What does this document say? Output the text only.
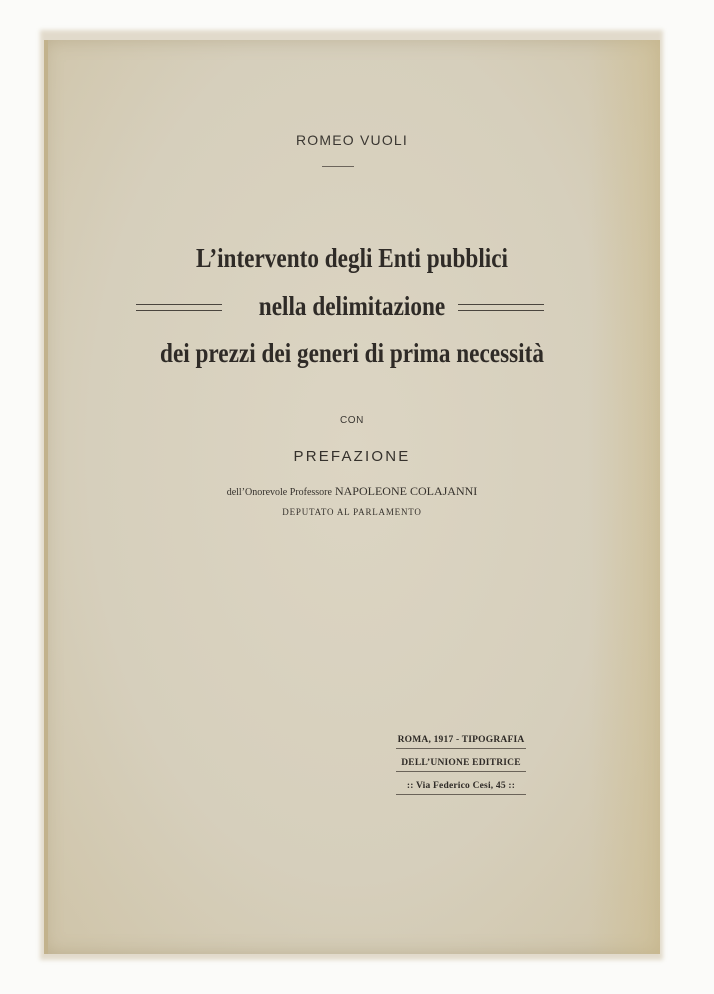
ROMEO VUOLI
L’intervento degli Enti pubblici
nella delimitazione
dei prezzi dei generi di prima necessità
CON
PREFAZIONE
dell’Onorevole Professore NAPOLEONE COLAJANNI
DEPUTATO AL PARLAMENTO
ROMA, 1917 - TIPOGRAFIA
DELL’UNIONE EDITRICE
:: Via Federico Cesi, 45 ::
